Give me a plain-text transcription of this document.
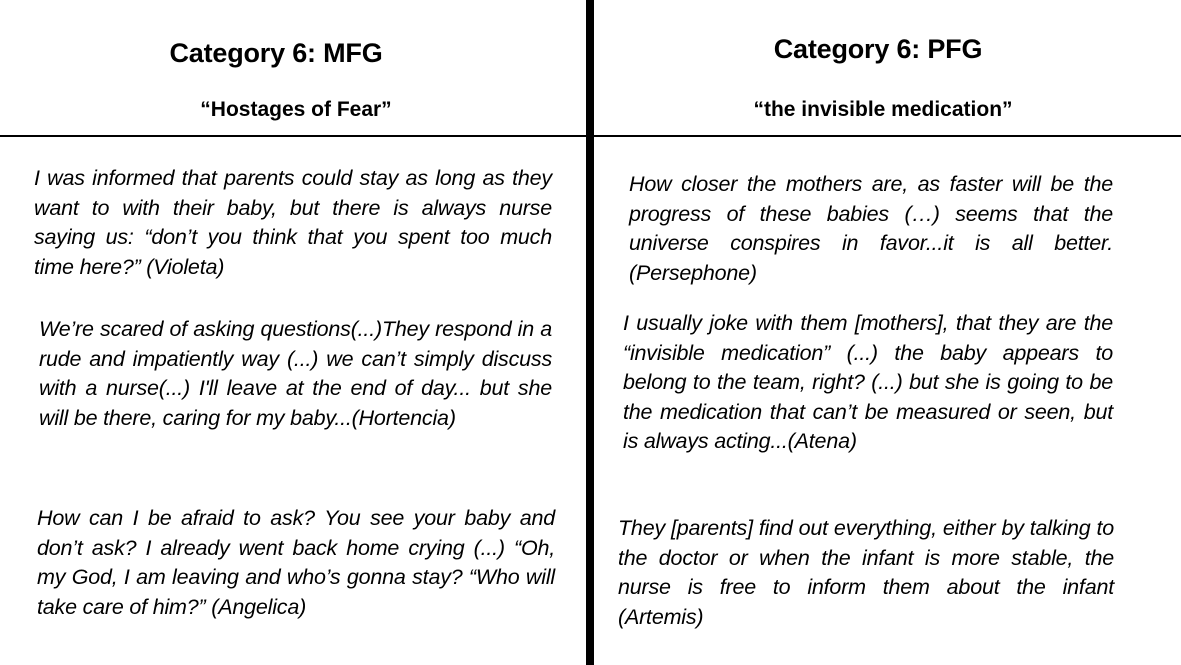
Category 6: MFG
“Hostages of Fear”
Category 6: PFG
“the invisible medication”
I was informed that parents could stay as long as they want to with their baby, but there is always nurse saying us: “don’t you think that you spent too much time here?” (Violeta)
We’re scared of asking questions(...)They respond in a rude and impatiently way (...) we can’t simply discuss with a nurse(...) I'll leave at the end of day... but she will be there, caring for my baby...(Hortencia)
How can I be afraid to ask? You see your baby and don’t ask? I already went back home crying (...) “Oh, my God, I am leaving and who’s gonna stay? “Who will take care of him?” (Angelica)
How closer the mothers are, as faster will be the progress of these babies (…) seems that the universe conspires in favor...it is all better. (Persephone)
I usually joke with them [mothers], that they are the “invisible medication” (...) the baby appears to belong to the team, right? (...) but she is going to be the medication that can’t be measured or seen, but is always acting...(Atena)
They [parents] find out everything, either by talking to the doctor or when the infant is more stable, the nurse is free to inform them about the infant (Artemis)
